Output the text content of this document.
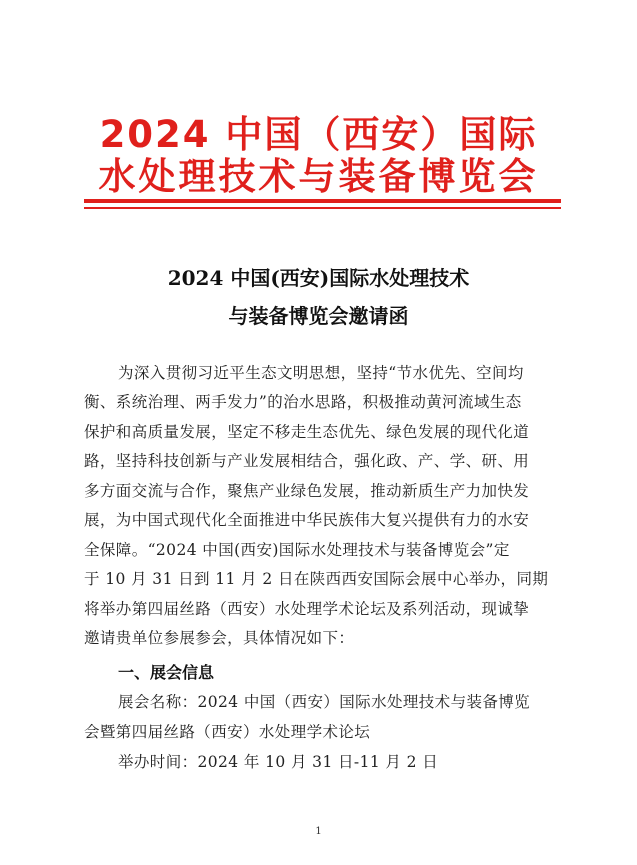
2024 中国（西安）国际
水处理技术与装备博览会
2024 中国(西安)国际水处理技术
与装备博览会邀请函
为深入贯彻习近平生态文明思想，坚持“节水优先、空间均
衡、系统治理、两手发力”的治水思路，积极推动黄河流域生态
保护和高质量发展，坚定不移走生态优先、绿色发展的现代化道
路，坚持科技创新与产业发展相结合，强化政、产、学、研、用
多方面交流与合作，聚焦产业绿色发展，推动新质生产力加快发
展，为中国式现代化全面推进中华民族伟大复兴提供有力的水安
全保障。“2024 中国(西安)国际水处理技术与装备博览会”定
于 10 月 31 日到 11 月 2 日在陕西西安国际会展中心举办，同期
将举办第四届丝路（西安）水处理学术论坛及系列活动，现诚挚
邀请贵单位参展参会，具体情况如下：
一、展会信息
展会名称：2024 中国（西安）国际水处理技术与装备博览
会暨第四届丝路（西安）水处理学术论坛
举办时间：2024 年 10 月 31 日-11 月 2 日
1
